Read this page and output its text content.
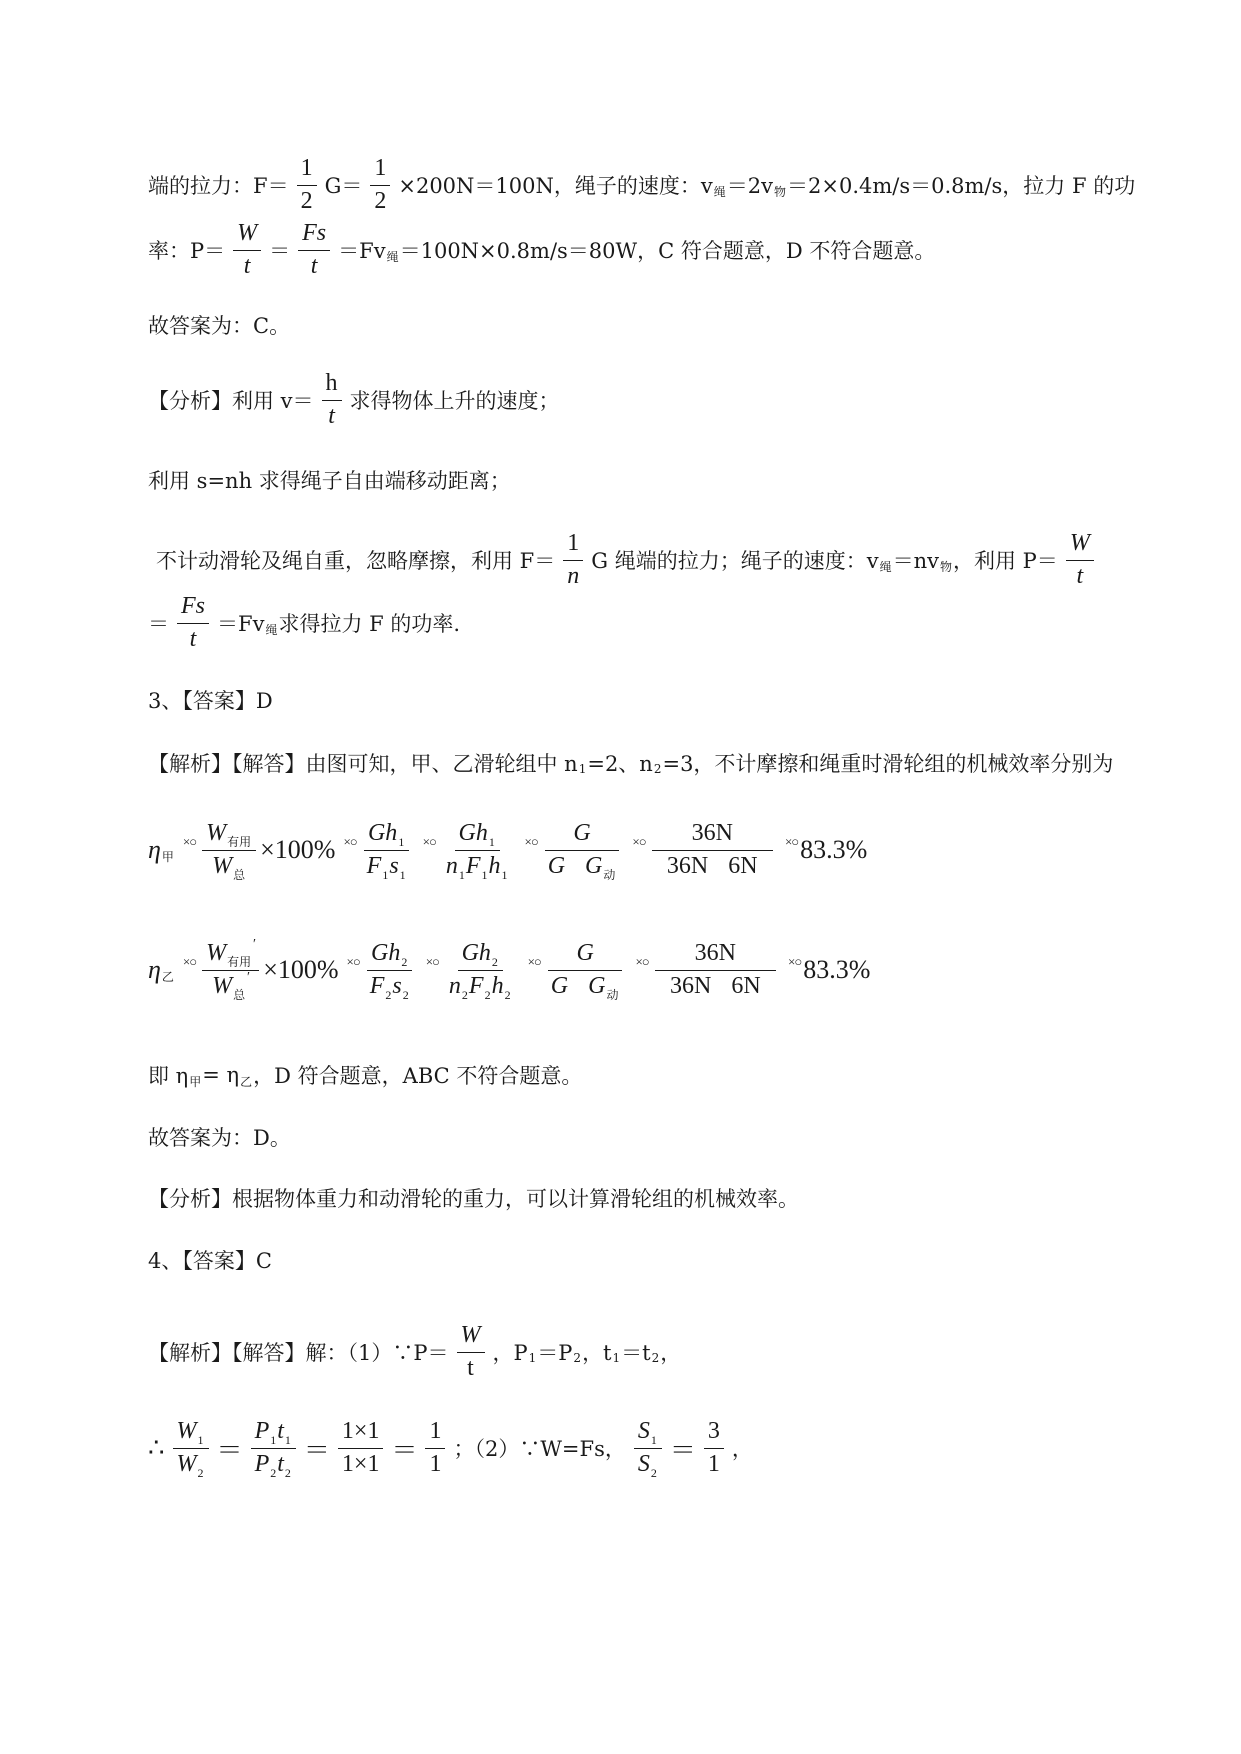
端的拉力：$F= \frac{1}{2} G= \frac{1}{2} \times 200N=100N$，绳子的速度：v 绳 ＝2v 物 ＝2×0.4m/s＝0.8m/s，拉力 F 的功
率：$P= \frac{W}{t} = \frac{Fs}{t} =Fv$ 绳 ＝100N×0.8m/s＝80W，C 符合题意，D 不符合题意。
故答案为：C。
【分析】利用 $v= \frac{h}{t}$ 求得物体上升的速度；
利用 s=nh 求得绳子自由端移动距离；
不计动滑轮及绳自重，忽略摩擦，利用 $F= \frac{1}{n}$ G 绳端的拉力；绳子的速度：v 绳 ＝nv 物 ，利用 $P= \frac{W}{t}$
＝ $\frac{Fs}{t} =Fv$ 绳 求得拉力 F 的功率.
3、【答案】D
【解析】【解答】由图可知，甲、乙滑轮组中 n 1 =2、n 2 =3，不计摩擦和绳重时滑轮组的机械效率分别为
η 甲
×○ $\frac{W_{有用}}{W_总} \times 100\%$ ×○ $\frac{Gh_1}{F_1s_1}$ ×○ $\frac{Gh_1}{n_1F_1h_1}$ ×○ $\frac{G}{G G_动}$ ×○ $\frac{36N}{36N 6N}$ ×○ 83.3%
η 乙
×○ $\frac{W_{有用}'}{W_总'} \times 100\%$ ×○ $\frac{Gh_2}{F_2s_2}$ ×○ $\frac{Gh_2}{n_2F_2h_2}$ ×○ $\frac{G}{G G_动}$ ×○ $\frac{36N}{36N 6N}$ ×○ 83.3%
即 η 甲 = η 乙 ，D 符合题意，ABC 不符合题意。
故答案为：D。
【分析】根据物体重力和动滑轮的重力，可以计算滑轮组的机械效率。
4、【答案】C
【解析】【解答】解：（1）∵P＝ $\frac{W}{t}$ ，P 1 ＝P 2 ，t 1 ＝t 2 ，
∴ $\frac{W_1}{W_2} = \frac{P_1t_1}{P_2t_2} = \frac{1\times 1}{1\times 1} = \frac{1}{1}$ ；（2）∵W=Fs， $\frac{S_1}{S_2} = \frac{3}{1}$ ，
